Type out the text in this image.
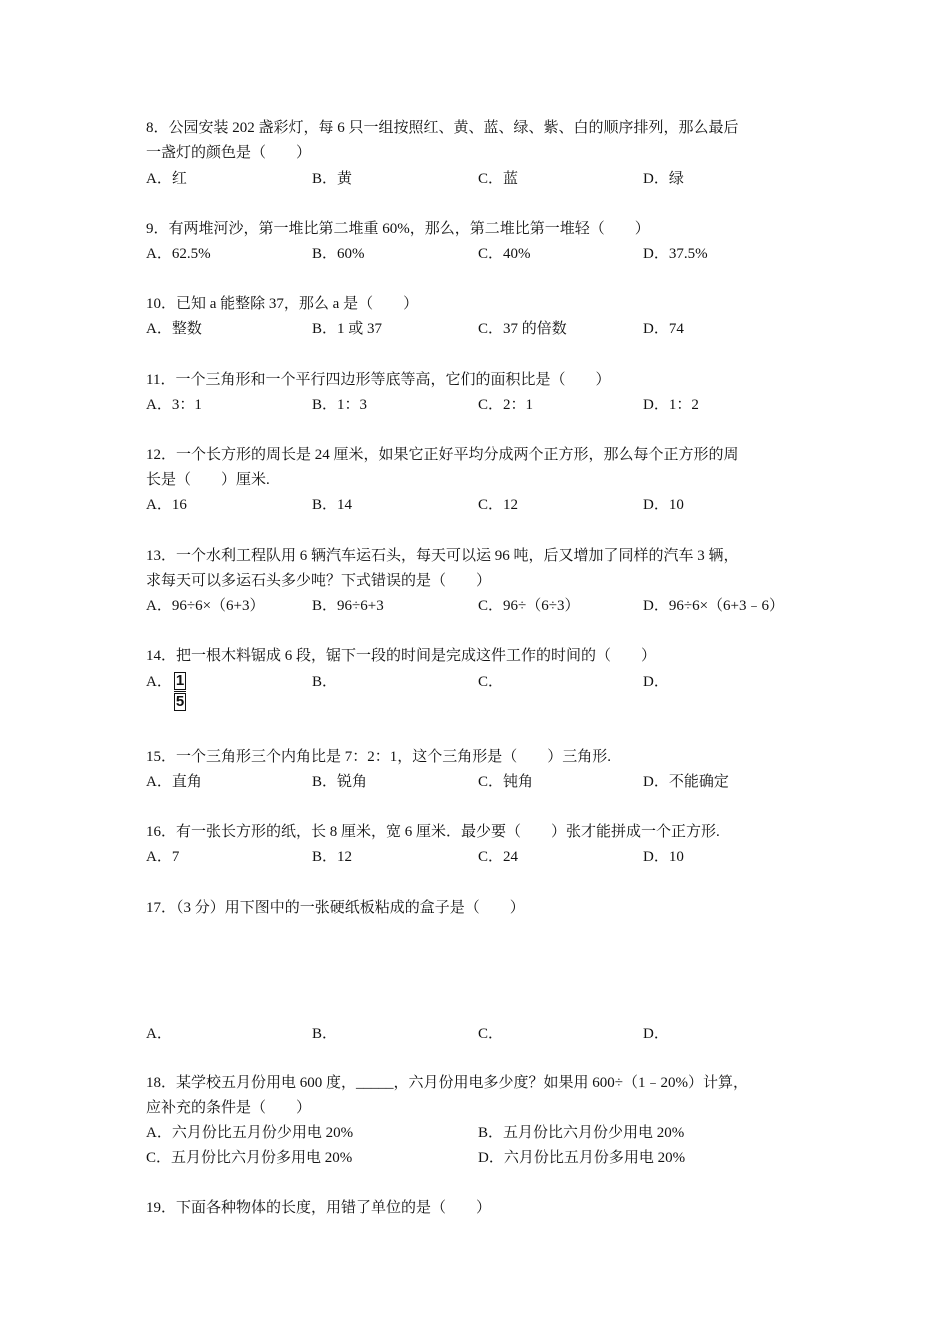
8．公园安装 202 盏彩灯，每 6 只一组按照红、黄、蓝、绿、紫、白的顺序排列，那么最后
一盏灯的颜色是（　　）
A．红	B．黄	C．蓝	D．绿
9．有两堆河沙，第一堆比第二堆重 60%，那么，第二堆比第一堆轻（　　）
A．62.5%	B．60%	C．40%	D．37.5%
10．已知 a 能整除 37，那么 a 是（　　）
A．整数	B．1 或 37	C．37 的倍数	D．74
11．一个三角形和一个平行四边形等底等高，它们的面积比是（　　）
A．3：1	B．1：3	C．2：1	D．1：2
12．一个长方形的周长是 24 厘米，如果它正好平均分成两个正方形，那么每个正方形的周
长是（　　）厘米.
A．16	B．14	C．12	D．10
13．一个水利工程队用 6 辆汽车运石头，每天可以运 96 吨，后又增加了同样的汽车 3 辆，
求每天可以多运石头多少吨？下式错误的是（　　）
A．96÷6×（6+3）	B．96÷6+3	C．96÷（6÷3）	D．96÷6×（6+3﹣6）
14．把一根木料锯成 6 段，锯下一段的时间是完成这件工作的时间的（　　）
A． $\frac{1}{5}$	B．	C．	D．
15．一个三角形三个内角比是 7：2：1，这个三角形是（　　）三角形.
A．直角	B．锐角	C．钝角	D．不能确定
16．有一张长方形的纸，长 8 厘米，宽 6 厘米．最少要（　　）张才能拼成一个正方形.
A．7	B．12	C．24	D．10
17．（3 分）用下图中的一张硬纸板粘成的盒子是（　　）
A．	B．	C．	D．
18．某学校五月份用电 600 度，_____，六月份用电多少度？如果用 600÷（1﹣20%）计算，
应补充的条件是（　　）
A．六月份比五月份少用电 20%	B．五月份比六月份少用电 20%
C．五月份比六月份多用电 20%	D．六月份比五月份多用电 20%
19．下面各种物体的长度，用错了单位的是（　　）
